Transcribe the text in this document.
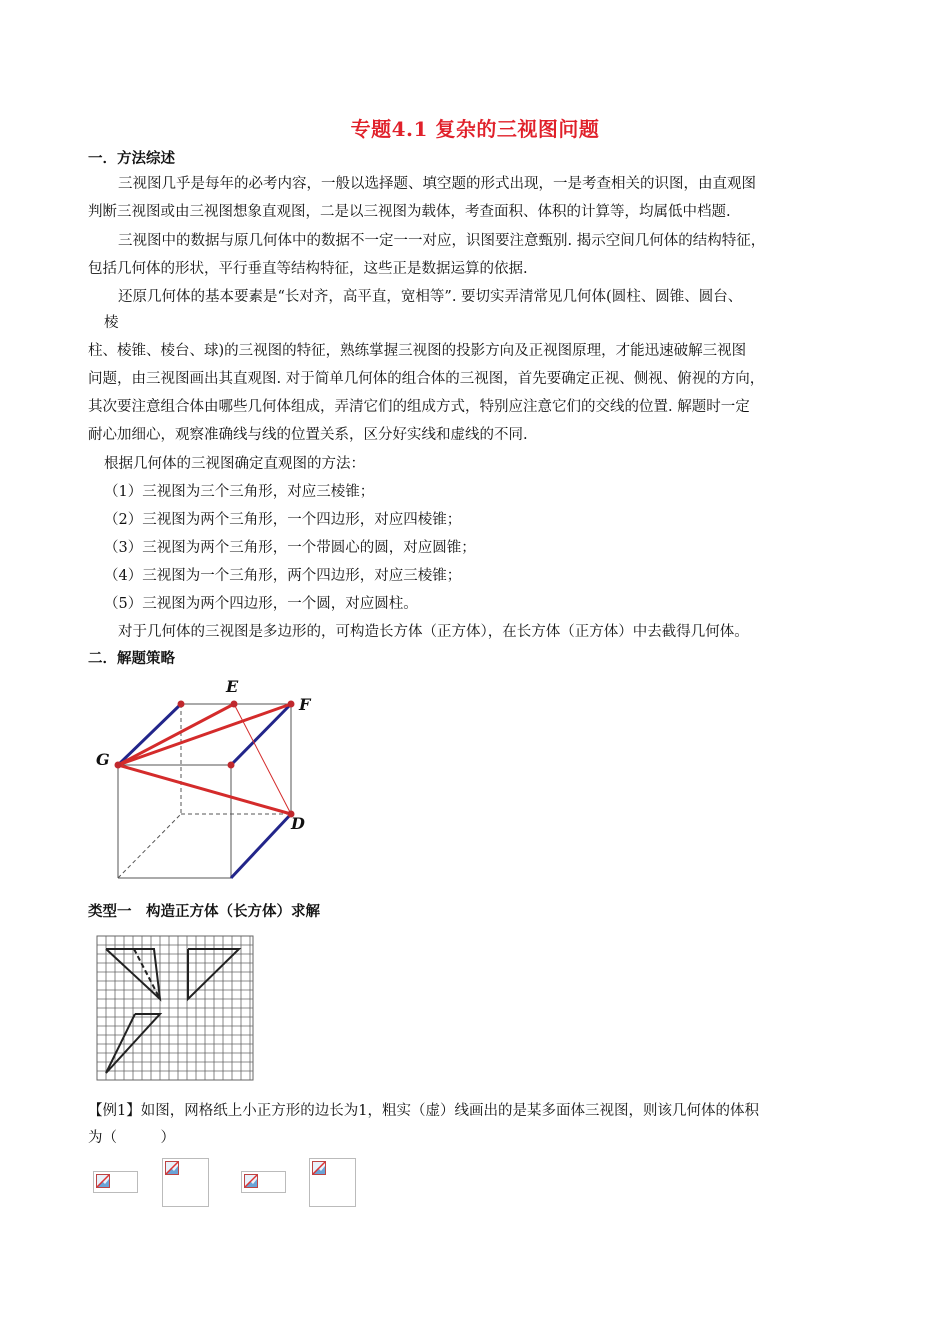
专题4.1 复杂的三视图问题
一．方法综述
三视图几乎是每年的必考内容，一般以选择题、填空题的形式出现，一是考查相关的识图，由直观图
判断三视图或由三视图想象直观图，二是以三视图为载体，考查面积、体积的计算等，均属低中档题.
三视图中的数据与原几何体中的数据不一定一一对应，识图要注意甄别. 揭示空间几何体的结构特征，
包括几何体的形状，平行垂直等结构特征，这些正是数据运算的依据.
还原几何体的基本要素是“长对齐，高平直，宽相等”. 要切实弄清常见几何体(圆柱、圆锥、圆台、
棱
柱、棱锥、棱台、球)的三视图的特征，熟练掌握三视图的投影方向及正视图原理，才能迅速破解三视图
问题，由三视图画出其直观图. 对于简单几何体的组合体的三视图，首先要确定正视、侧视、俯视的方向，
其次要注意组合体由哪些几何体组成，弄清它们的组成方式，特别应注意它们的交线的位置. 解题时一定
耐心加细心，观察准确线与线的位置关系，区分好实线和虚线的不同.
根据几何体的三视图确定直观图的方法：
（1）三视图为三个三角形，对应三棱锥；
（2）三视图为两个三角形，一个四边形，对应四棱锥；
（3）三视图为两个三角形，一个带圆心的圆，对应圆锥；
（4）三视图为一个三角形，两个四边形，对应三棱锥；
（5）三视图为两个四边形，一个圆，对应圆柱。
对于几何体的三视图是多边形的，可构造长方体（正方体），在长方体（正方体）中去截得几何体。
二．解题策略
E
F
G
D
类型一　构造正方体（长方体）求解
【例1】如图，网格纸上小正方形的边长为1，粗实（虚）线画出的是某多面体三视图，则该几何体的体积
为（　　　）
